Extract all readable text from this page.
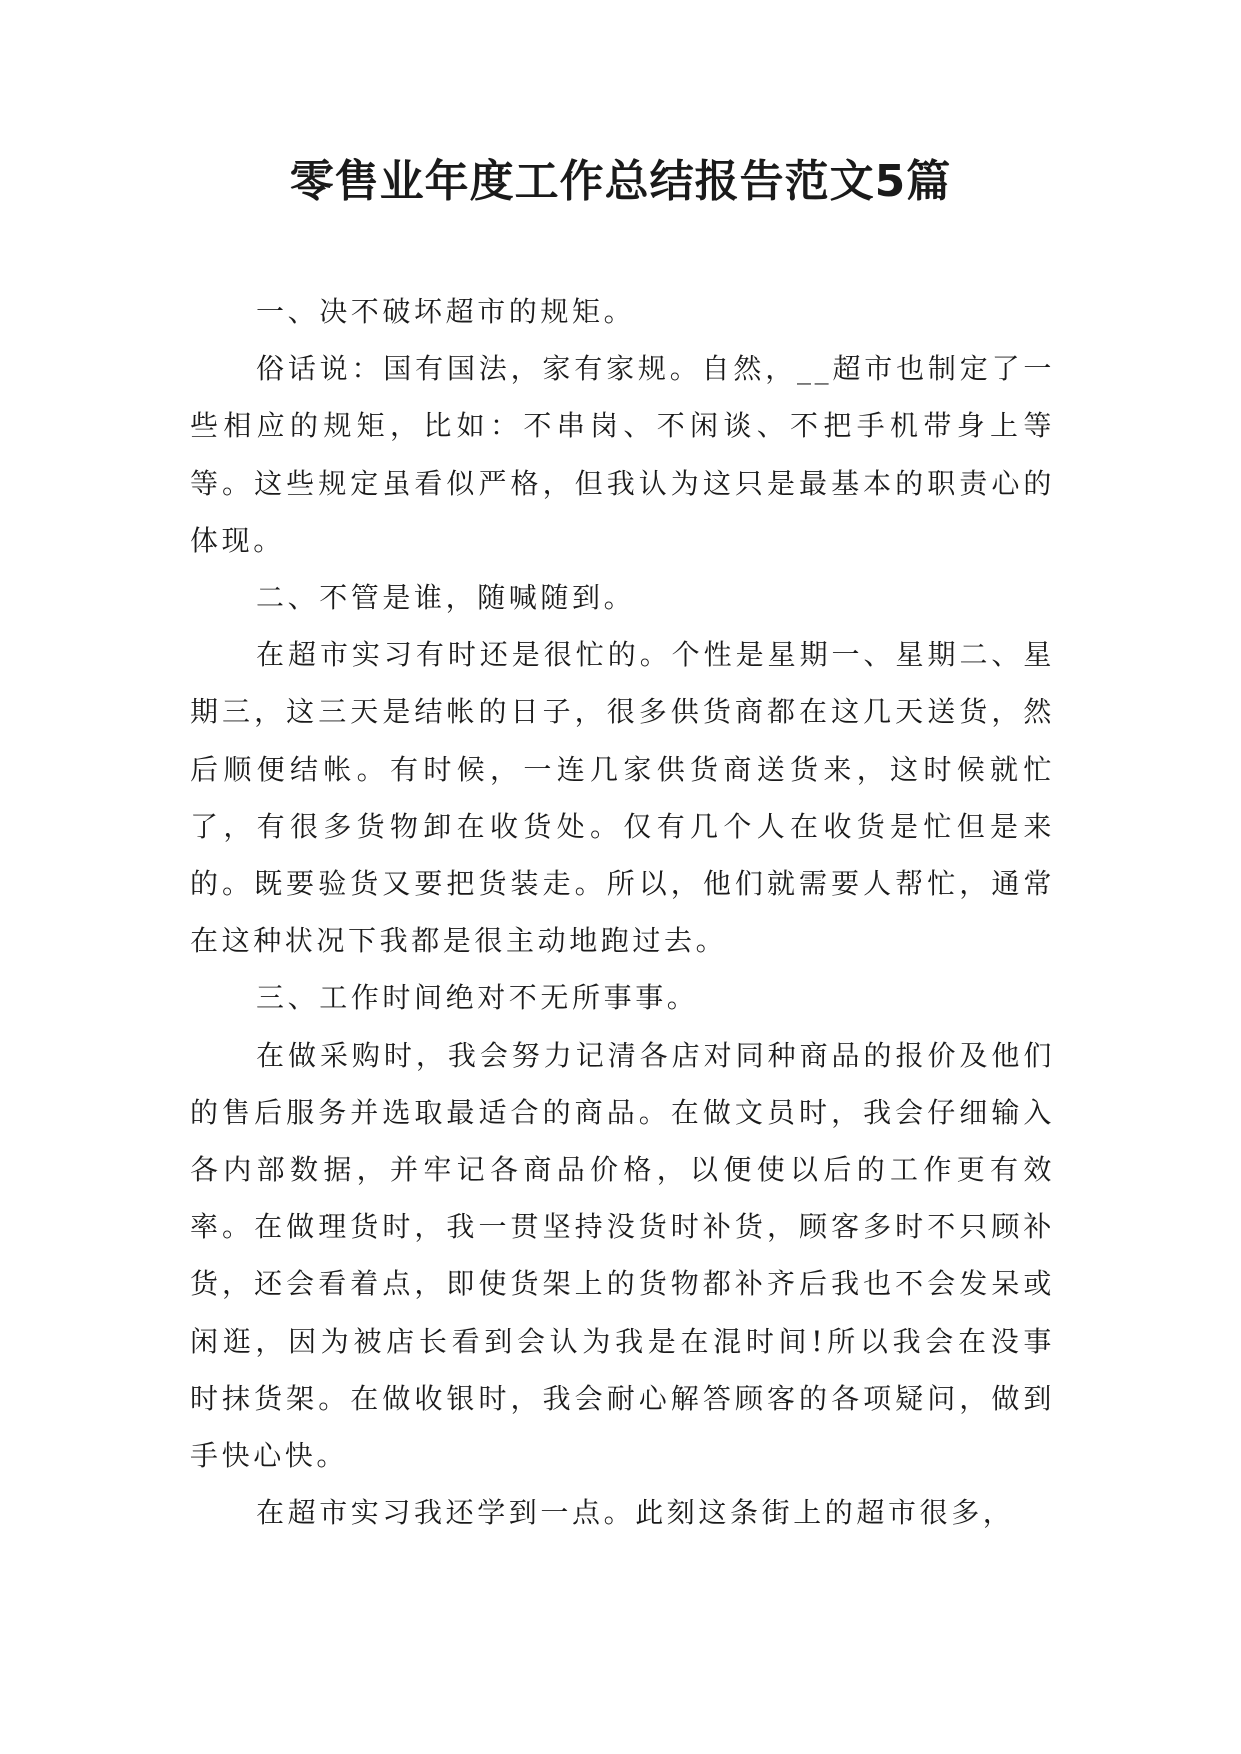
零售业年度工作总结报告范文5篇

一、决不破坏超市的规矩。

俗话说：国有国法，家有家规。自然，__超市也制定了一些相应的规矩，比如：不串岗、不闲谈、不把手机带身上等等。这些规定虽看似严格，但我认为这只是最基本的职责心的体现。

二、不管是谁，随喊随到。

在超市实习有时还是很忙的。个性是星期一、星期二、星期三，这三天是结帐的日子，很多供货商都在这几天送货，然后顺便结帐。有时候，一连几家供货商送货来，这时候就忙了，有很多货物卸在收货处。仅有几个人在收货是忙但是来的。既要验货又要把货装走。所以，他们就需要人帮忙，通常在这种状况下我都是很主动地跑过去。

三、工作时间绝对不无所事事。

在做采购时，我会努力记清各店对同种商品的报价及他们的售后服务并选取最适合的商品。在做文员时，我会仔细输入各内部数据，并牢记各商品价格，以便使以后的工作更有效率。在做理货时，我一贯坚持没货时补货，顾客多时不只顾补货，还会看着点，即使货架上的货物都补齐后我也不会发呆或闲逛，因为被店长看到会认为我是在混时间!所以我会在没事时抹货架。在做收银时，我会耐心解答顾客的各项疑问，做到手快心快。

在超市实习我还学到一点。此刻这条街上的超市很多，
